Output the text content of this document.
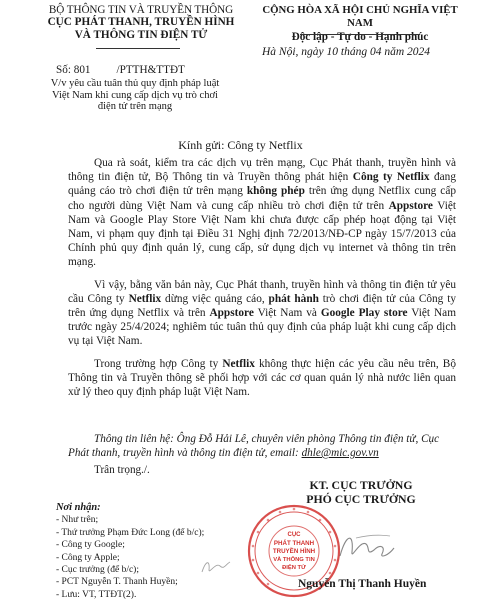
BỘ THÔNG TIN VÀ TRUYỀN THÔNG
CỤC PHÁT THANH, TRUYỀN HÌNH
VÀ THÔNG TIN ĐIỆN TỬ
CỘNG HÒA XÃ HỘI CHỦ NGHĨA VIỆT NAM
Độc lập - Tự do - Hạnh phúc
Hà Nội, ngày 10 tháng 04 năm 2024
Số: 801 /PTTH&TTĐT
V/v yêu cầu tuân thủ quy định pháp luật
Việt Nam khi cung cấp dịch vụ trò chơi
điện tử trên mạng
Kính gửi: Công ty Netflix

Qua rà soát, kiểm tra các dịch vụ trên mạng, Cục Phát thanh, truyền hình và thông tin điện tử, Bộ Thông tin và Truyền thông phát hiện Công ty Netflix đang quảng cáo trò chơi điện tử trên mạng không phép trên ứng dụng Netflix cung cấp cho người dùng Việt Nam và cung cấp nhiều trò chơi điện tử trên Appstore Việt Nam và Google Play Store Việt Nam khi chưa được cấp phép hoạt động tại Việt Nam, vi phạm quy định tại Điều 31 Nghị định 72/2013/NĐ-CP ngày 15/7/2013 của Chính phủ quy định quản lý, cung cấp, sử dụng dịch vụ internet và thông tin trên mạng.

Vì vậy, bằng văn bản này, Cục Phát thanh, truyền hình và thông tin điện tử yêu cầu Công ty Netflix dừng việc quảng cáo, phát hành trò chơi điện tử của Công ty trên ứng dụng Netflix và trên Appstore Việt Nam và Google Play store Việt Nam trước ngày 25/4/2024; nghiêm túc tuân thủ quy định của pháp luật khi cung cấp dịch vụ tại Việt Nam.

Trong trường hợp Công ty Netflix không thực hiện các yêu cầu nêu trên, Bộ Thông tin và Truyền thông sẽ phối hợp với các cơ quan quản lý nhà nước liên quan xử lý theo quy định pháp luật Việt Nam.

Thông tin liên hệ: Ông Đỗ Hải Lê, chuyên viên phòng Thông tin điện tử, Cục Phát thanh, truyền hình và thông tin điện tử, email: dhle@mic.gov.vn
Trân trọng./.
Nơi nhận:
- Như trên;
- Thứ trưởng Phạm Đức Long (để b/c);
- Công ty Google;
- Công ty Apple;
- Cục trưởng (để b/c);
- PCT Nguyễn T. Thanh Huyền;
- Lưu: VT, TTĐT(2).
KT. CỤC TRƯỞNG
PHÓ CỤC TRƯỞNG
CỤC
PHÁT THANH
TRUYỀN HÌNH
VÀ THÔNG TIN
ĐIỆN TỬ
Nguyễn Thị Thanh Huyền
